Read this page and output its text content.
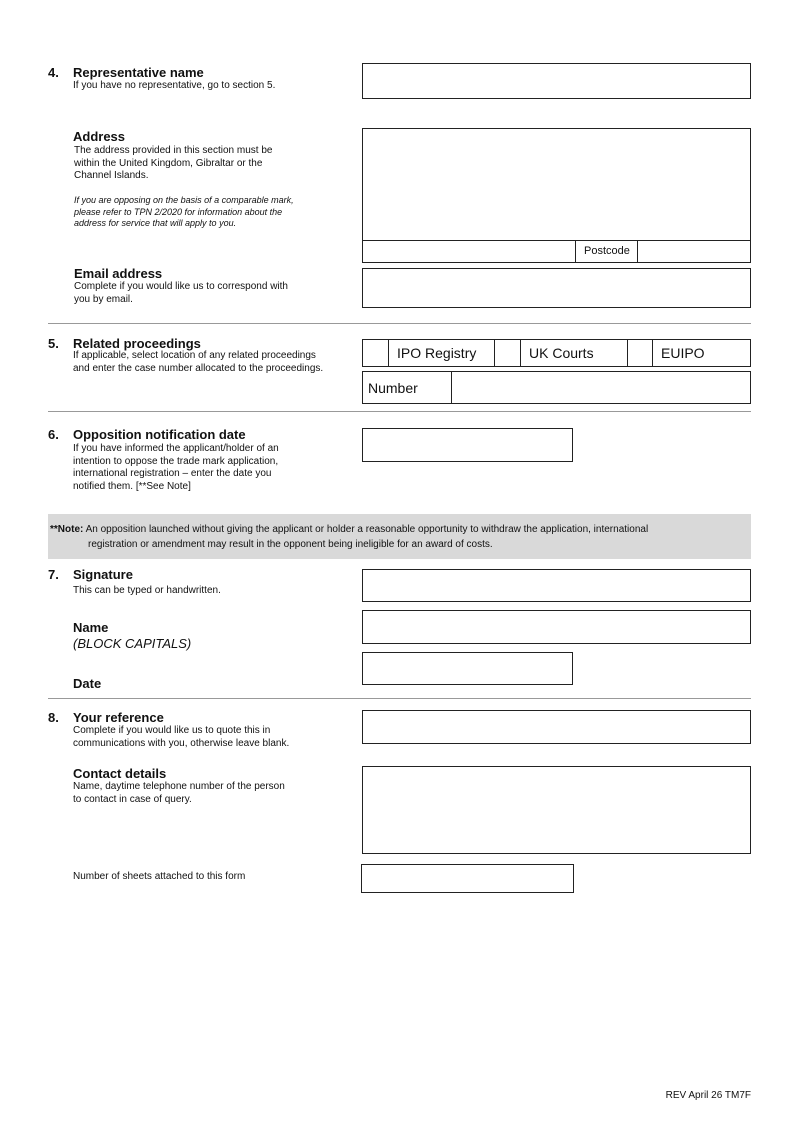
4. Representative name
If you have no representative, go to section 5.
Address
The address provided in this section must be
within the United Kingdom, Gibraltar or the
Channel Islands.
If you are opposing on the basis of a comparable mark,
please refer to TPN 2/2020 for information about the
address for service that will apply to you.
Postcode
Email address
Complete if you would like us to correspond with
you by email.
5. Related proceedings
If applicable, select location of any related proceedings
and enter the case number allocated to the proceedings.
IPO Registry	UK Courts	EUIPO
Number
6. Opposition notification date
If you have informed the applicant/holder of an
intention to oppose the trade mark application,
international registration – enter the date you
notified them. [**See Note]
**Note: An opposition launched without giving the applicant or holder a reasonable opportunity to withdraw the application, international
registration or amendment may result in the opponent being ineligible for an award of costs.
7. Signature
This can be typed or handwritten.
Name
(BLOCK CAPITALS)
Date
8. Your reference
Complete if you would like us to quote this in
communications with you, otherwise leave blank.
Contact details
Name, daytime telephone number of the person
to contact in case of query.
Number of sheets attached to this form
REV April 26 TM7F
